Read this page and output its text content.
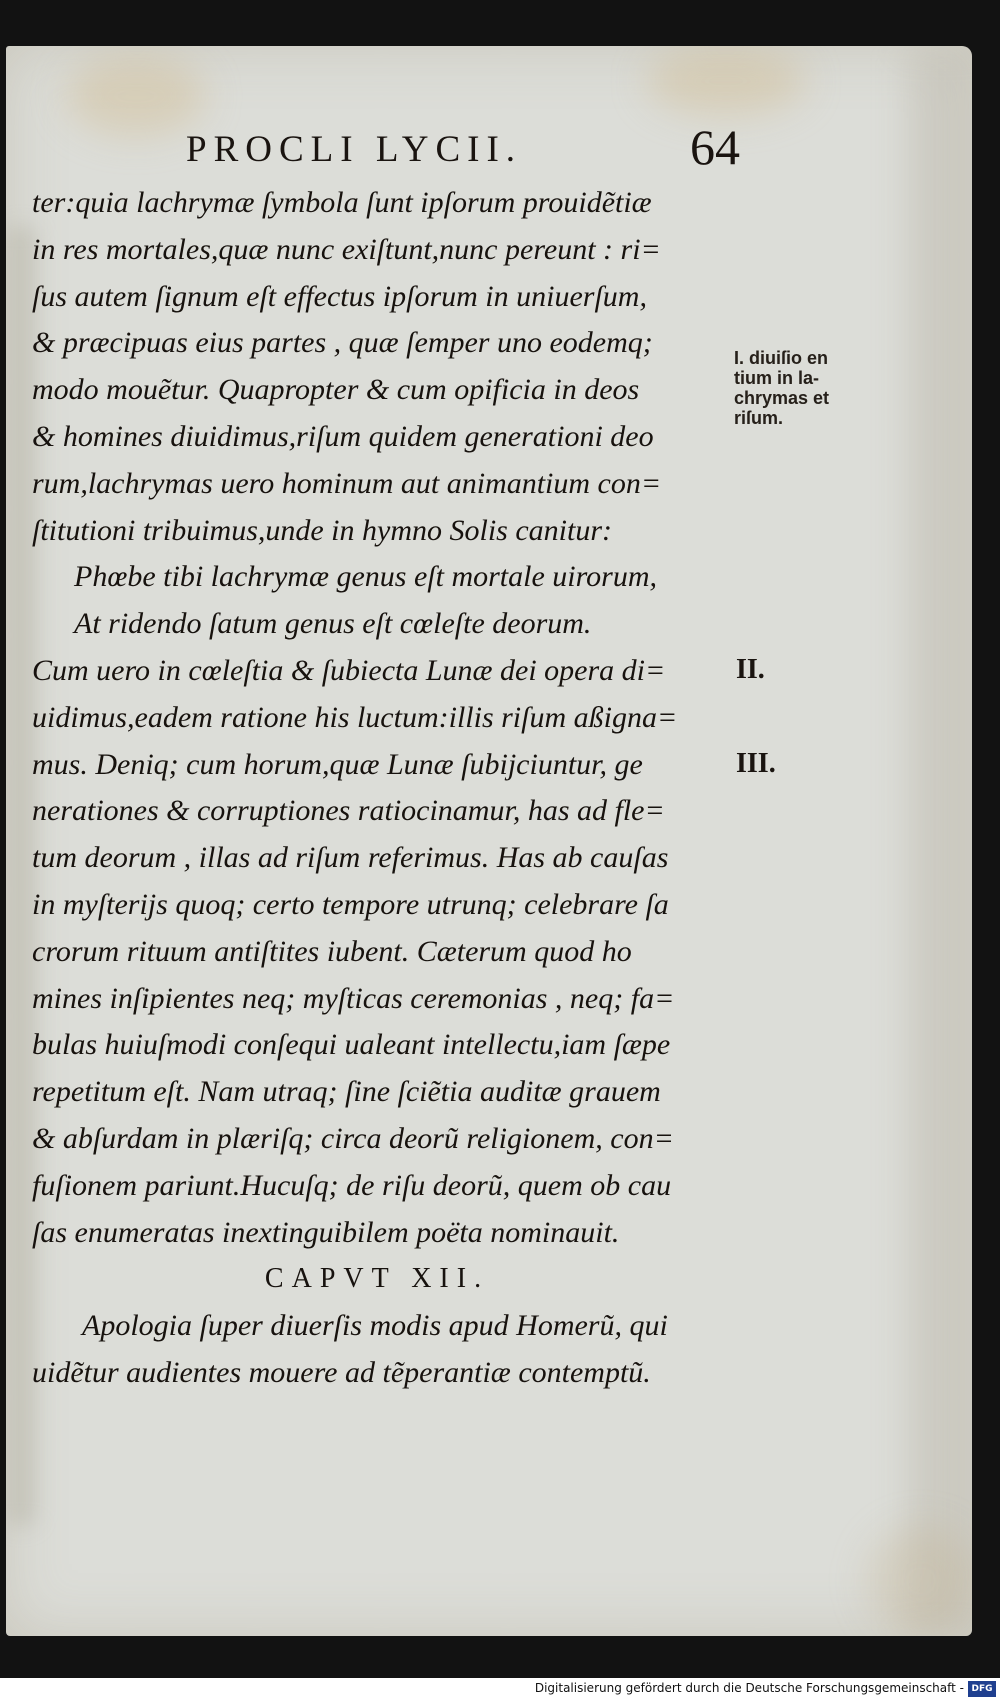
PROCLI LYCII.	64
ter:quia lachrymæ ſymbola ſunt ipſorum prouidẽtiæ
in res mortales,quæ nunc exiſtunt,nunc pereunt : ri=
ſus autem ſignum eſt effectus ipſorum in uniuerſum,
& præcipuas eius partes , quæ ſemper uno eodemq;
modo mouẽtur. Quapropter & cum opificia in deos
& homines diuidimus,riſum quidem generationi deo
rum,lachrymas uero hominum aut animantium con=
ſtitutioni tribuimus,unde in hymno Solis canitur:
Phœbe tibi lachrymæ genus eſt mortale uirorum,
At ridendo ſatum genus eſt cœleſte deorum.
Cum uero in cœleſtia & ſubiecta Lunæ dei opera di=
uidimus,eadem ratione his luctum:illis riſum aßigna=
mus. Deniq; cum horum,quæ Lunæ ſubijciuntur, ge
nerationes & corruptiones ratiocinamur, has ad fle=
tum deorum , illas ad riſum referimus. Has ab cauſas
in myſterijs quoq; certo tempore utrunq; celebrare ſa
crorum rituum antiſtites iubent. Cæterum quod ho
mines inſipientes neq; myſticas ceremonias , neq; fa=
bulas huiuſmodi conſequi ualeant intellectu,iam ſæpe
repetitum eſt. Nam utraq; ſine ſciẽtia auditæ grauem
& abſurdam in plæriſq; circa deorũ religionem, con=
fuſionem pariunt.Hucuſq; de riſu deorũ, quem ob cau
ſas enumeratas inextinguibilem poëta nominauit.
CAPVT XII.
Apologia ſuper diuerſis modis apud Homerũ, qui
uidẽtur audientes mouere ad tẽperantiæ contemptũ.
I. diuiſio en
tium in la-
chrymas et
riſum.
II.
III.
Digitalisierung gefördert durch die Deutsche Forschungsgemeinschaft - DFG
